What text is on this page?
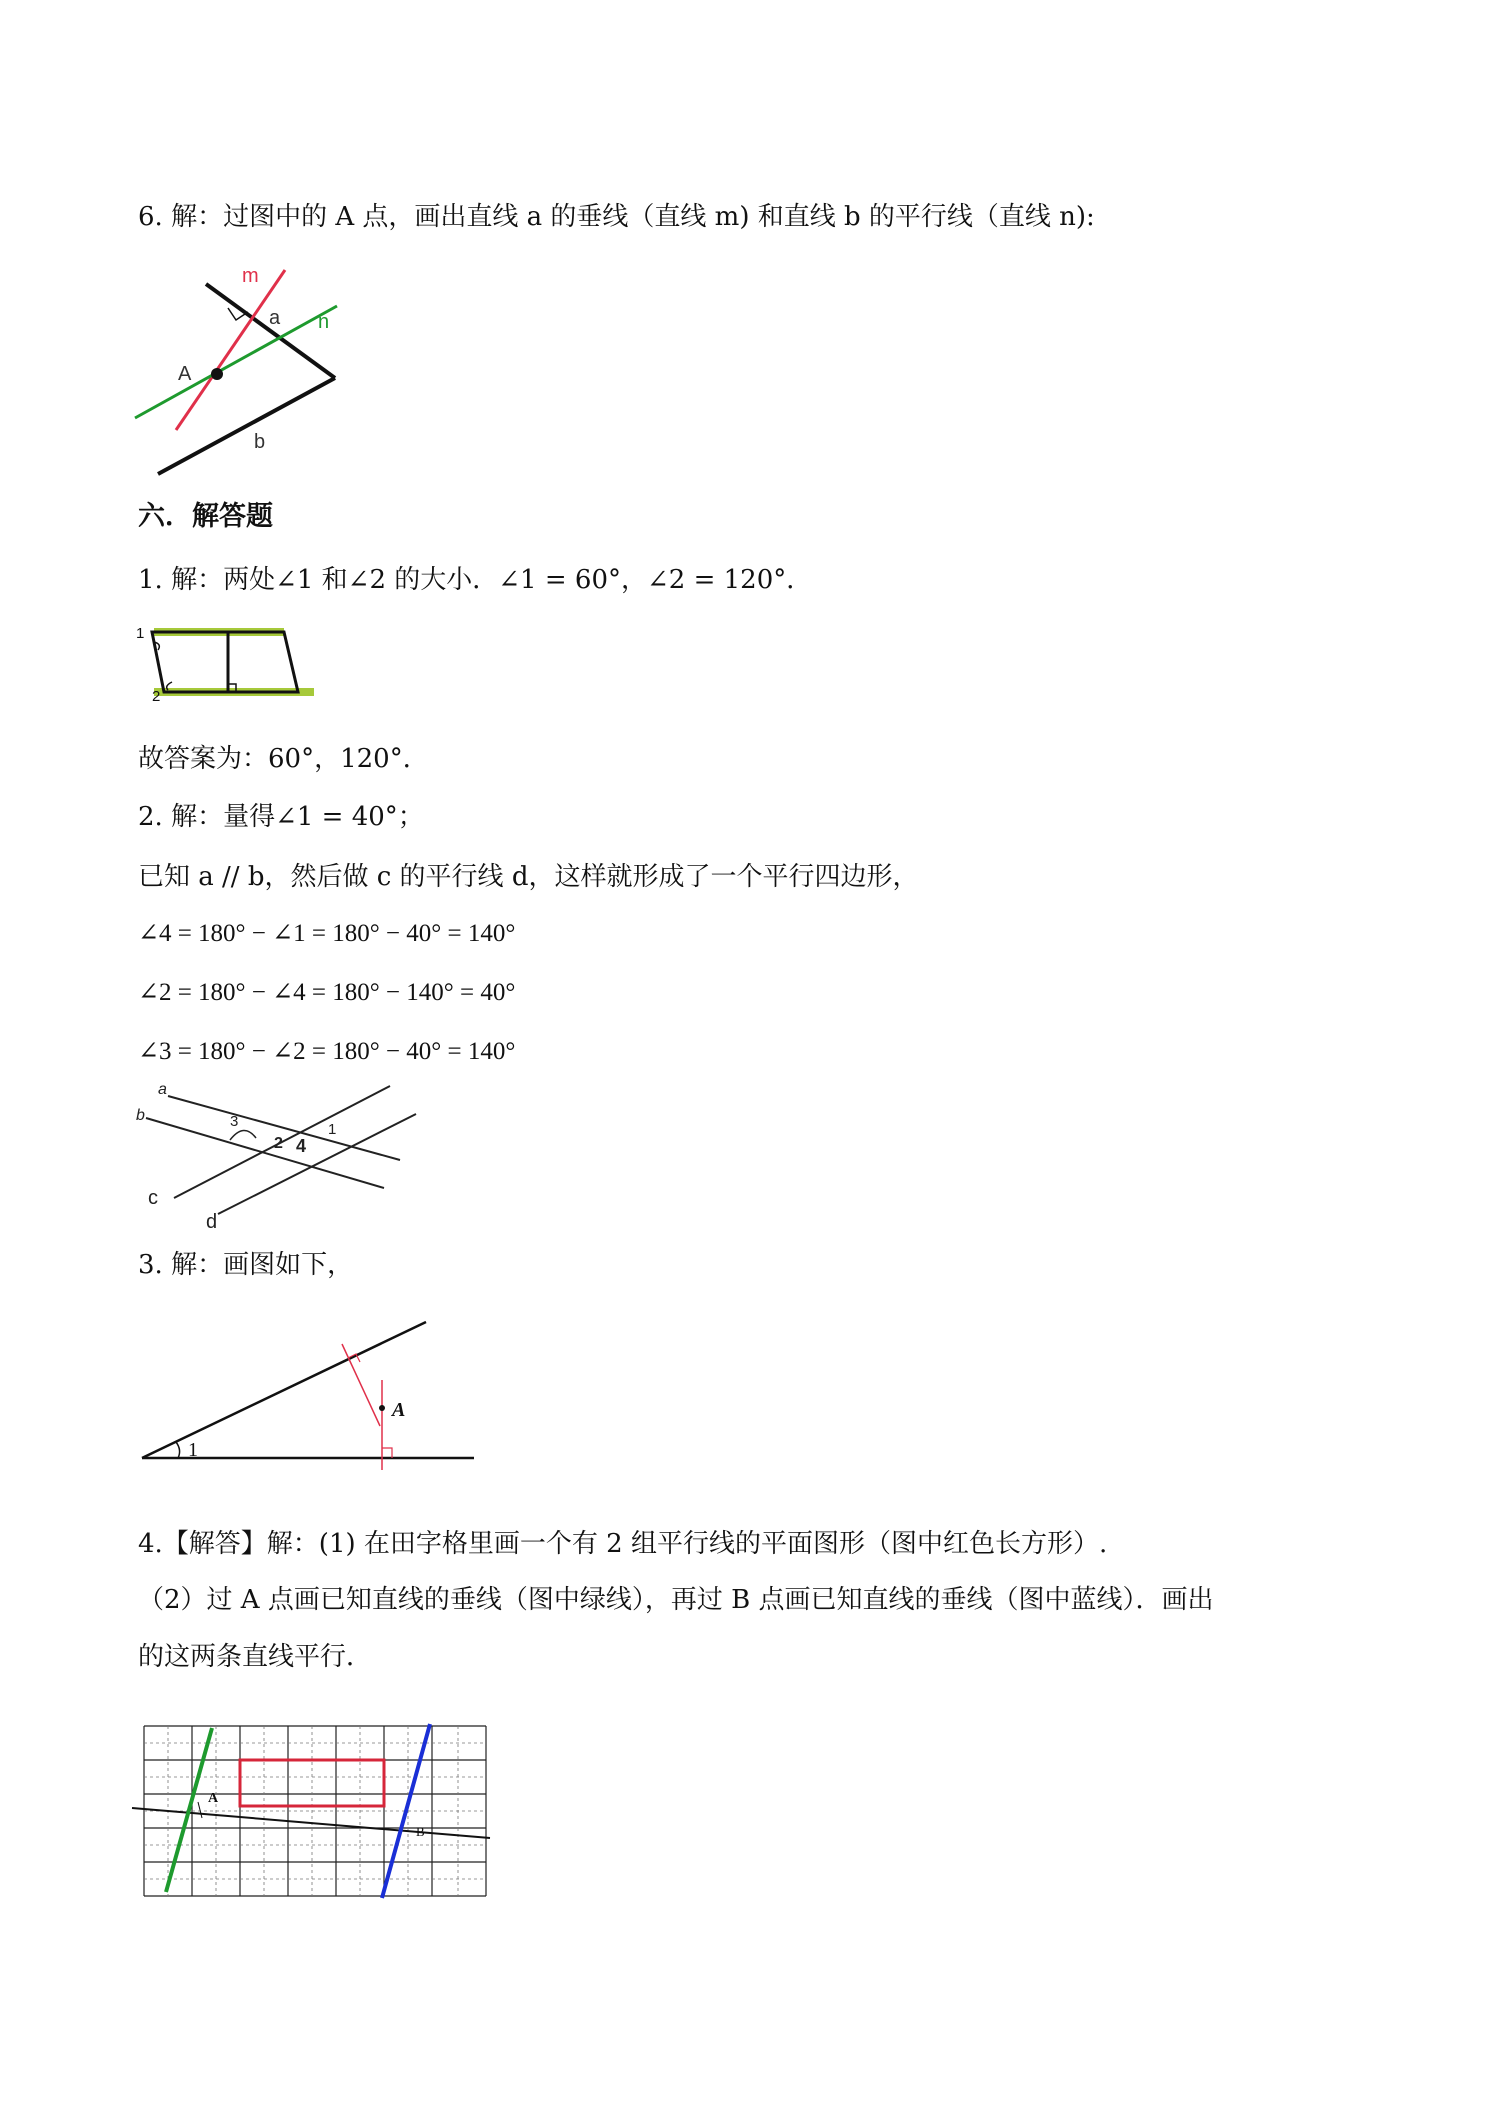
6. 解：过图中的 A 点，画出直线 a 的垂线（直线 m) 和直线 b 的平行线（直线 n):
m
a n
A
b
六．解答题
1. 解：两处∠1 和∠2 的大小．∠1 = 60°，∠2 = 120°．
1
2
故答案为：60°，120°．
2. 解：量得∠1 = 40°；
已知 a // b，然后做 c 的平行线 d，这样就形成了一个平行四边形，
∠4 = 180° − ∠1 = 180° − 40° = 140°
∠2 = 180° − ∠4 = 180° − 140° = 40°
∠3 = 180° − ∠2 = 180° − 40° = 140°
a
b
c
d
3	1
2 4
3. 解：画图如下，
A
1
4.【解答】解：(1) 在田字格里画一个有 2 组平行线的平面图形（图中红色长方形）.
（2）过 A 点画已知直线的垂线（图中绿线），再过 B 点画已知直线的垂线（图中蓝线）．画出
的这两条直线平行．
A
B
